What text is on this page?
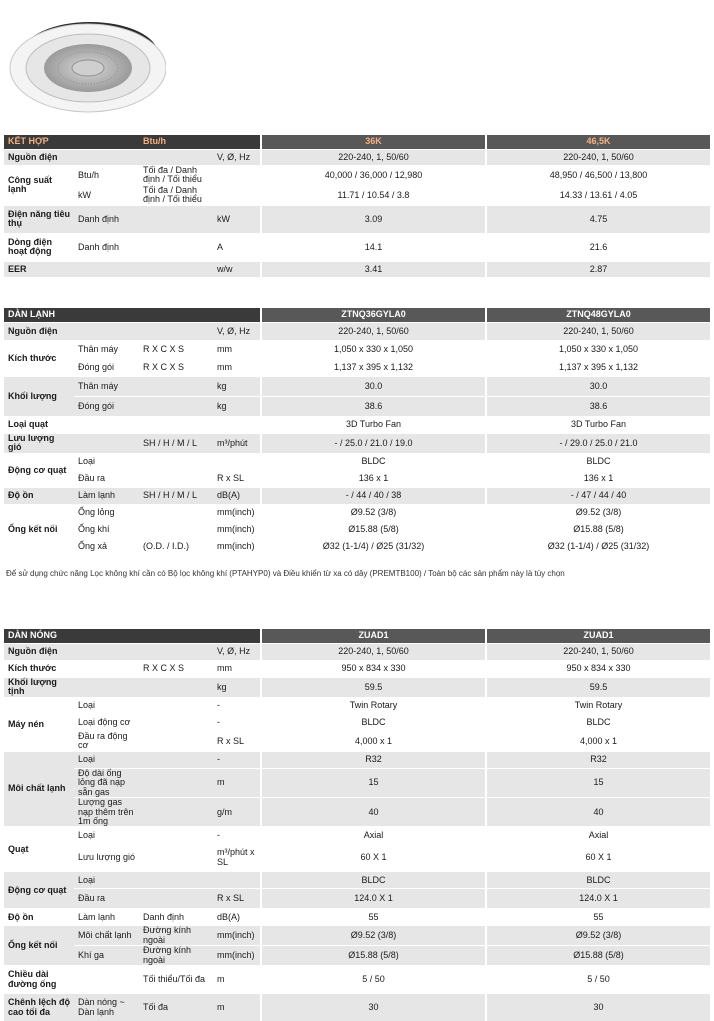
KẾT HỢP		Btu/h		36K	46,5K
Nguồn điện			V, Ø, Hz	220-240, 1, 50/60	220-240, 1, 50/60
Công suất lạnh	Btu/h	Tối đa / Danh định / Tối thiểu		40,000 / 36,000 / 12,980	48,950 / 46,500 / 13,800
	kW	Tối đa / Danh định / Tối thiểu		11.71 / 10.54 / 3.8	14.33 / 13.61 / 4.05
Điện năng tiêu thụ	Danh định		kW	3.09	4.75
Dòng điện hoạt động	Danh định		A	14.1	21.6
EER			w/w	3.41	2.87
DÀN LẠNH				ZTNQ36GYLA0	ZTNQ48GYLA0
Nguồn điện			V, Ø, Hz	220-240, 1, 50/60	220-240, 1, 50/60
Kích thước	Thân máy	R X C X S	mm	1,050 x 330 x 1,050	1,050 x 330 x 1,050
	Đóng gói	R X C X S	mm	1,137 x 395 x 1,132	1,137 x 395 x 1,132
Khối lượng	Thân máy		kg	30.0	30.0
	Đóng gói		kg	38.6	38.6
Loại quạt				3D Turbo Fan	3D Turbo Fan
Lưu lượng gió		SH / H / M / L	m³/phút	- / 25.0 / 21.0 / 19.0	- / 29.0 / 25.0 / 21.0
Động cơ quạt	Loại			BLDC	BLDC
	Đầu ra		R x SL	136 x 1	136 x 1
Độ ồn	Làm lạnh	SH / H / M / L	dB(A)	- / 44 / 40 / 38	- / 47 / 44 / 40
Ống kết nối	Ống lỏng		mm(inch)	Ø9.52 (3/8)	Ø9.52 (3/8)
	Ống khí		mm(inch)	Ø15.88 (5/8)	Ø15.88 (5/8)
	Ống xả	(O.D. / I.D.)	mm(inch)	Ø32 (1-1/4) / Ø25 (31/32)	Ø32 (1-1/4) / Ø25 (31/32)
DÀN NÓNG				ZUAD1	ZUAD1
Nguồn điện			V, Ø, Hz	220-240, 1, 50/60	220-240, 1, 50/60
Kích thước		R X C X S	mm	950 x 834 x 330	950 x 834 x 330
Khối lượng tịnh			kg	59.5	59.5
Máy nén	Loại		-	Twin Rotary	Twin Rotary
	Loại động cơ		-	BLDC	BLDC
	Đầu ra động cơ		R x SL	4,000 x 1	4,000 x 1
Môi chất lạnh	Loại		-	R32	R32
	Độ dài ống lỏng đã nạp sẵn gas		m	15	15
	Lượng gas nạp thêm trên 1m ống		g/m	40	40
Quạt	Loại		-	Axial	Axial
	Lưu lượng gió		m³/phút x SL	60 X 1	60 X 1
Động cơ quạt	Loại			BLDC	BLDC
	Đầu ra		R x SL	124.0 X 1	124.0 X 1
Độ ồn	Làm lạnh	Danh định	dB(A)	55	55
Ống kết nối	Môi chất lạnh	Đường kính ngoài	mm(inch)	Ø9.52 (3/8)	Ø9.52 (3/8)
	Khí ga	Đường kính ngoài	mm(inch)	Ø15.88 (5/8)	Ø15.88 (5/8)
Chiều dài đường ống		Tối thiểu/Tối đa	m	5 / 50	5 / 50
Chênh lệch độ cao tối đa	Dàn nóng ~ Dàn lạnh	Tối đa	m	30	30
Để sử dụng chức năng Lọc không khí cần có Bộ lọc không khí (PTAHYP0) và Điều khiển từ xa có dây (PREMTB100) / Toàn bộ các sản phẩm này là tùy chọn
